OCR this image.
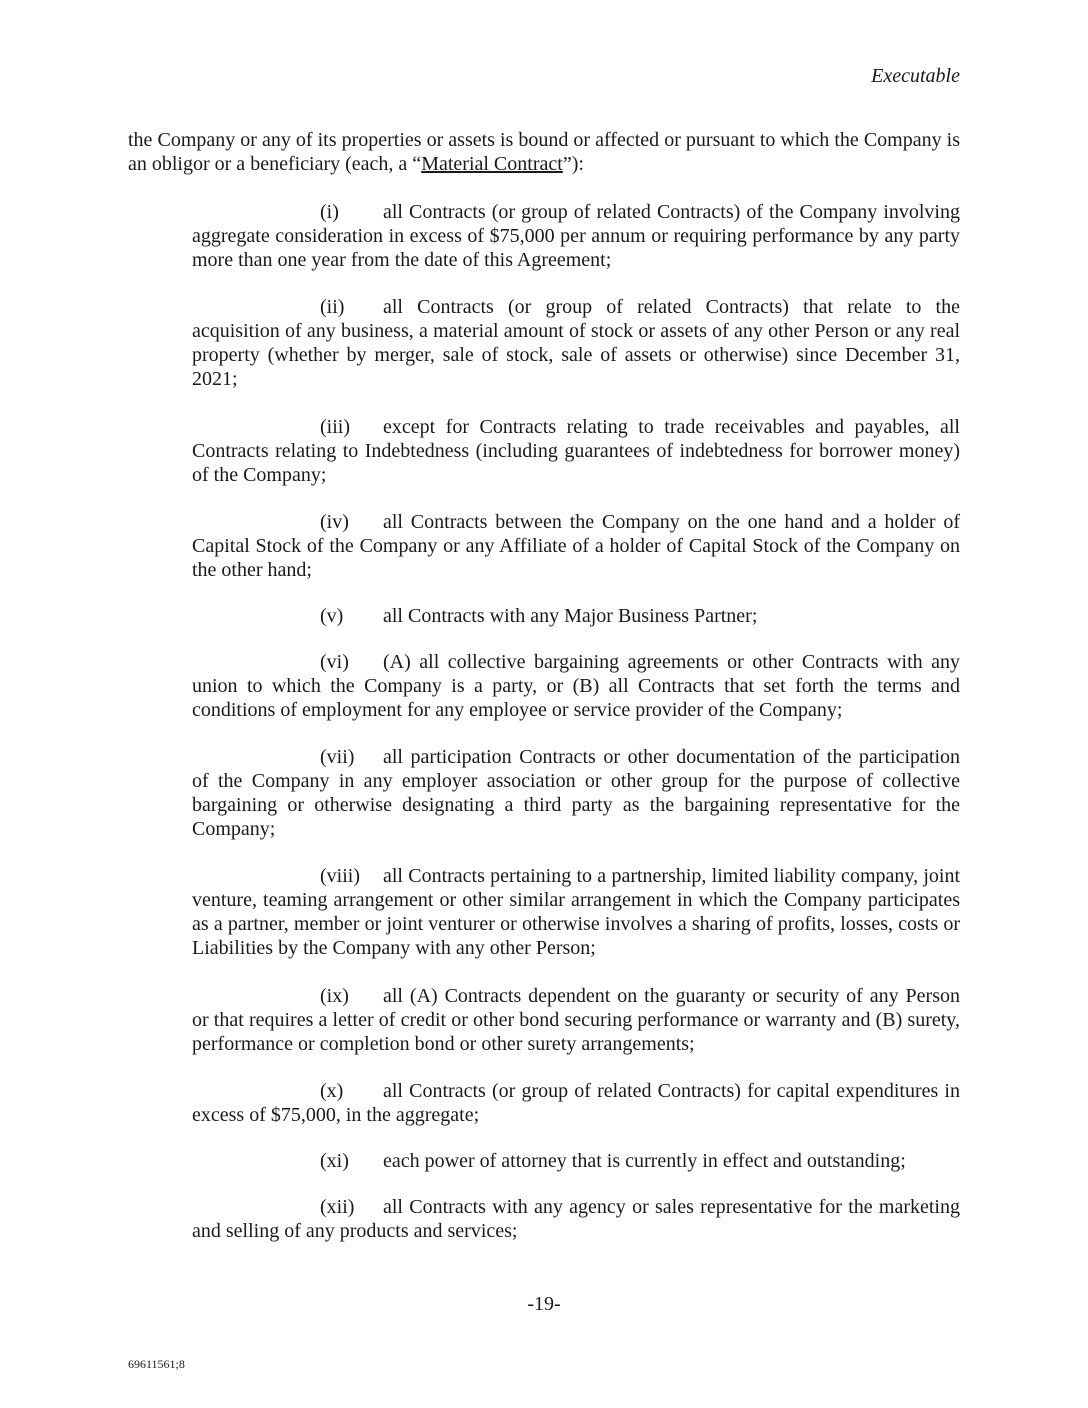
Executable

the Company or any of its properties or assets is bound or affected or pursuant to which the Company is an obligor or a beneficiary (each, a “Material Contract”):

(i) all Contracts (or group of related Contracts) of the Company involving aggregate consideration in excess of $75,000 per annum or requiring performance by any party more than one year from the date of this Agreement;

(ii) all Contracts (or group of related Contracts) that relate to the acquisition of any business, a material amount of stock or assets of any other Person or any real property (whether by merger, sale of stock, sale of assets or otherwise) since December 31, 2021;

(iii) except for Contracts relating to trade receivables and payables, all Contracts relating to Indebtedness (including guarantees of indebtedness for borrower money) of the Company;

(iv) all Contracts between the Company on the one hand and a holder of Capital Stock of the Company or any Affiliate of a holder of Capital Stock of the Company on the other hand;

(v) all Contracts with any Major Business Partner;

(vi) (A) all collective bargaining agreements or other Contracts with any union to which the Company is a party, or (B) all Contracts that set forth the terms and conditions of employment for any employee or service provider of the Company;

(vii) all participation Contracts or other documentation of the participation of the Company in any employer association or other group for the purpose of collective bargaining or otherwise designating a third party as the bargaining representative for the Company;

(viii) all Contracts pertaining to a partnership, limited liability company, joint venture, teaming arrangement or other similar arrangement in which the Company participates as a partner, member or joint venturer or otherwise involves a sharing of profits, losses, costs or Liabilities by the Company with any other Person;

(ix) all (A) Contracts dependent on the guaranty or security of any Person or that requires a letter of credit or other bond securing performance or warranty and (B) surety, performance or completion bond or other surety arrangements;

(x) all Contracts (or group of related Contracts) for capital expenditures in excess of $75,000, in the aggregate;

(xi) each power of attorney that is currently in effect and outstanding;

(xii) all Contracts with any agency or sales representative for the marketing and selling of any products and services;

-19-
69611561;8
